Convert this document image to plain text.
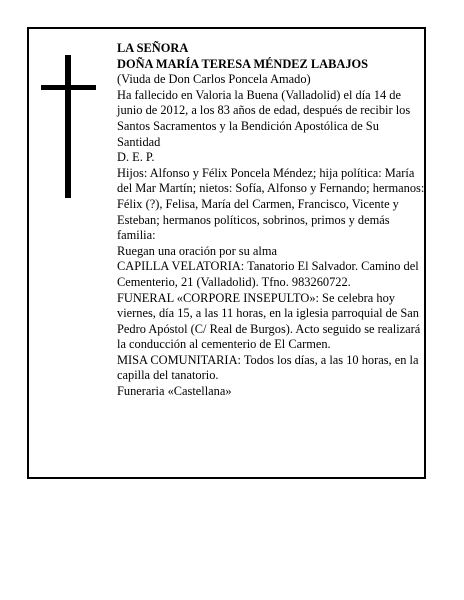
LA SEÑORA

DOÑA MARÍA TERESA MÉNDEZ LABAJOS

(Viuda de Don Carlos Poncela Amado)

Ha fallecido en Valoria la Buena (Valladolid) el día 14 de junio de 2012, a los 83 años de edad, después de recibir los Santos Sacramentos y la Bendición Apostólica de Su Santidad

D. E. P.

Hijos: Alfonso y Félix Poncela Méndez; hija política: María del Mar Martín; nietos: Sofía, Alfonso y Fernando; hermanos: Félix (?), Felisa, María del Carmen, Francisco, Vicente y Esteban; hermanos políticos, sobrinos, primos y demás familia:

Ruegan una oración por su alma

CAPILLA VELATORIA: Tanatorio El Salvador. Camino del Cementerio, 21 (Valladolid). Tfno. 983260722.

FUNERAL «CORPORE INSEPULTO»: Se celebra hoy viernes, día 15, a las 11 horas, en la iglesia parroquial de San Pedro Apóstol (C/ Real de Burgos). Acto seguido se realizará la conducción al cementerio de El Carmen.

MISA COMUNITARIA: Todos los días, a las 10 horas, en la capilla del tanatorio.

Funeraria «Castellana»
